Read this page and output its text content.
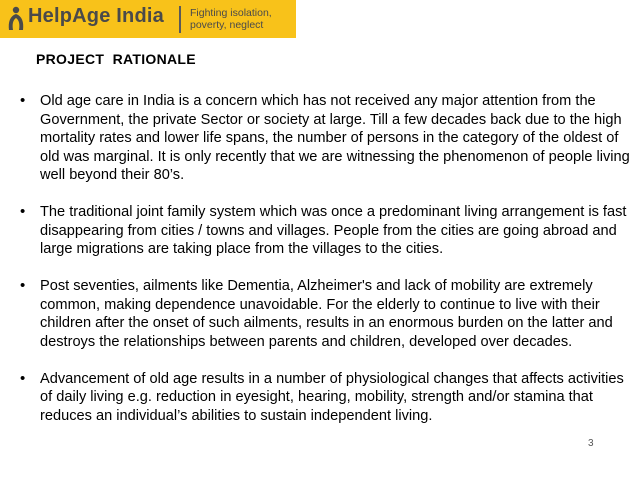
HelpAge India Fighting isolation,
poverty, neglect
PROJECT  RATIONALE
• Old age care in India is a concern which has not received any major attention from the Government, the private Sector or society at large. Till a few decades back due to the high mortality rates and lower life spans, the number of persons in the category of the oldest of old was marginal. It is only recently that we are witnessing the phenomenon of people living well beyond their 80’s.
• The traditional joint family system which was once a predominant living arrangement is fast disappearing from cities / towns and villages. People from the cities are going abroad and large migrations are taking place from the villages to the cities.
• Post seventies, ailments like Dementia, Alzheimer's and lack of mobility are extremely common, making dependence unavoidable. For the elderly to continue to live with their children after the onset of such ailments, results in an enormous burden on the latter and destroys the relationships between parents and children, developed over decades.
• Advancement of old age results in a number of physiological changes that affects activities of daily living e.g. reduction in eyesight, hearing, mobility, strength and/or stamina that reduces an individual’s abilities to sustain independent living.
3
